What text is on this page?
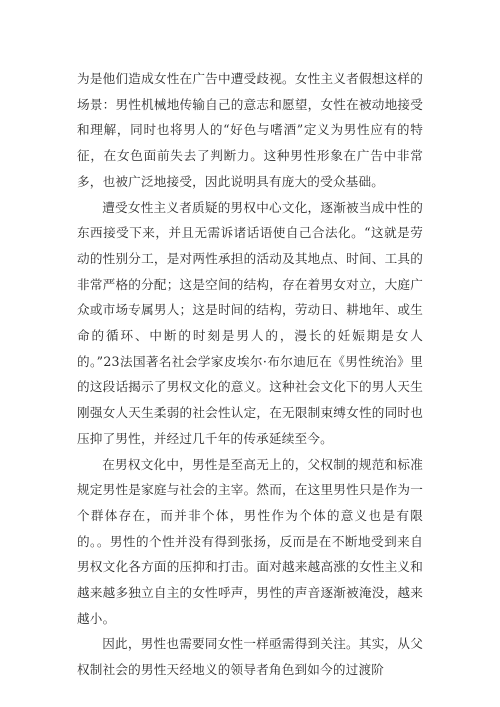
为是他们造成女性在广告中遭受歧视。女性主义者假想这样的场景：男性机械地传输自己的意志和愿望，女性在被动地接受和理解，同时也将男人的“好色与嗜酒”定义为男性应有的特征，在女色面前失去了判断力。这种男性形象在广告中非常多，也被广泛地接受，因此说明具有庞大的受众基础。

遭受女性主义者质疑的男权中心文化，逐渐被当成中性的东西接受下来，并且无需诉诸话语使自己合法化。“这就是劳动的性别分工，是对两性承担的活动及其地点、时间、工具的非常严格的分配；这是空间的结构，存在着男女对立，大庭广众或市场专属男人；这是时间的结构，劳动日、耕地年、或生命的循环、中断的时刻是男人的，漫长的妊娠期是女人的。”23法国著名社会学家皮埃尔·布尔迪厄在《男性统治》里的这段话揭示了男权文化的意义。这种社会文化下的男人天生刚强女人天生柔弱的社会性认定，在无限制束缚女性的同时也压抑了男性，并经过几千年的传承延续至今。

在男权文化中，男性是至高无上的，父权制的规范和标准规定男性是家庭与社会的主宰。然而，在这里男性只是作为一个群体存在，而并非个体，男性作为个体的意义也是有限的。。男性的个性并没有得到张扬，反而是在不断地受到来自男权文化各方面的压抑和打击。面对越来越高涨的女性主义和越来越多独立自主的女性呼声，男性的声音逐渐被淹没，越来越小。

因此，男性也需要同女性一样亟需得到关注。其实，从父权制社会的男性天经地义的领导者角色到如今的过渡阶
